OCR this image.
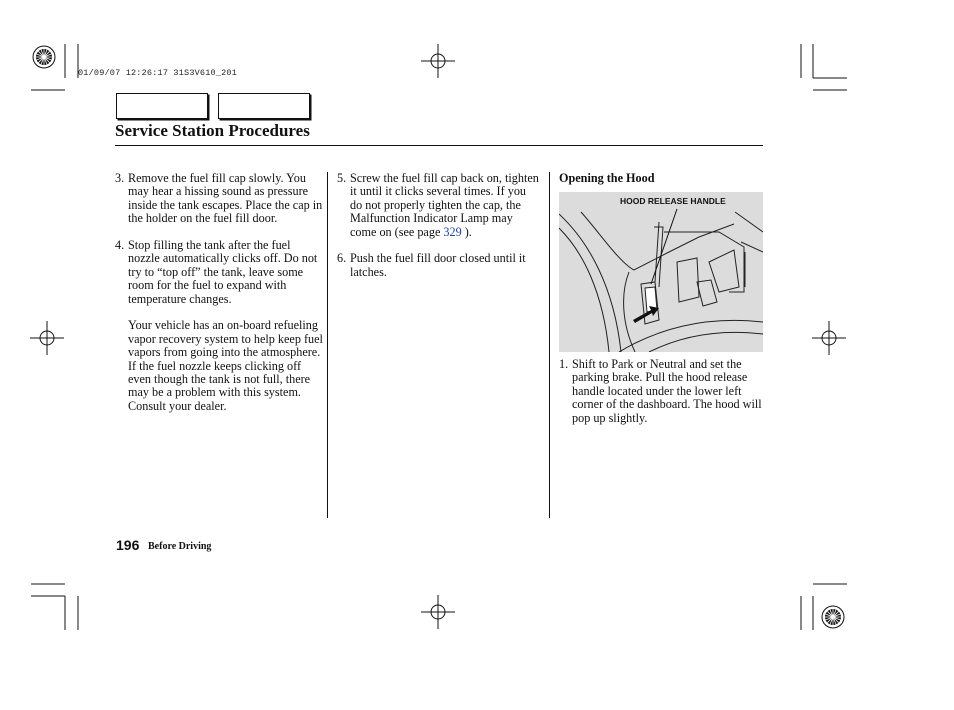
01/09/07 12:26:17 31S3V610_201
Service Station Procedures

3. Remove the fuel fill cap slowly. You may hear a hissing sound as pressure inside the tank escapes. Place the cap in the holder on the fuel fill door.

4. Stop filling the tank after the fuel nozzle automatically clicks off. Do not try to “top off” the tank, leave some room for the fuel to expand with temperature changes.

Your vehicle has an on-board refueling vapor recovery system to help keep fuel vapors from going into the atmosphere. If the fuel nozzle keeps clicking off even though the tank is not full, there may be a problem with this system. Consult your dealer.

5. Screw the fuel fill cap back on, tighten it until it clicks several times. If you do not properly tighten the cap, the Malfunction Indicator Lamp may come on (see page 329 ).

6. Push the fuel fill door closed until it latches.

Opening the Hood
HOOD RELEASE HANDLE

1. Shift to Park or Neutral and set the parking brake. Pull the hood release handle located under the lower left corner of the dashboard. The hood will pop up slightly.

196 Before Driving
